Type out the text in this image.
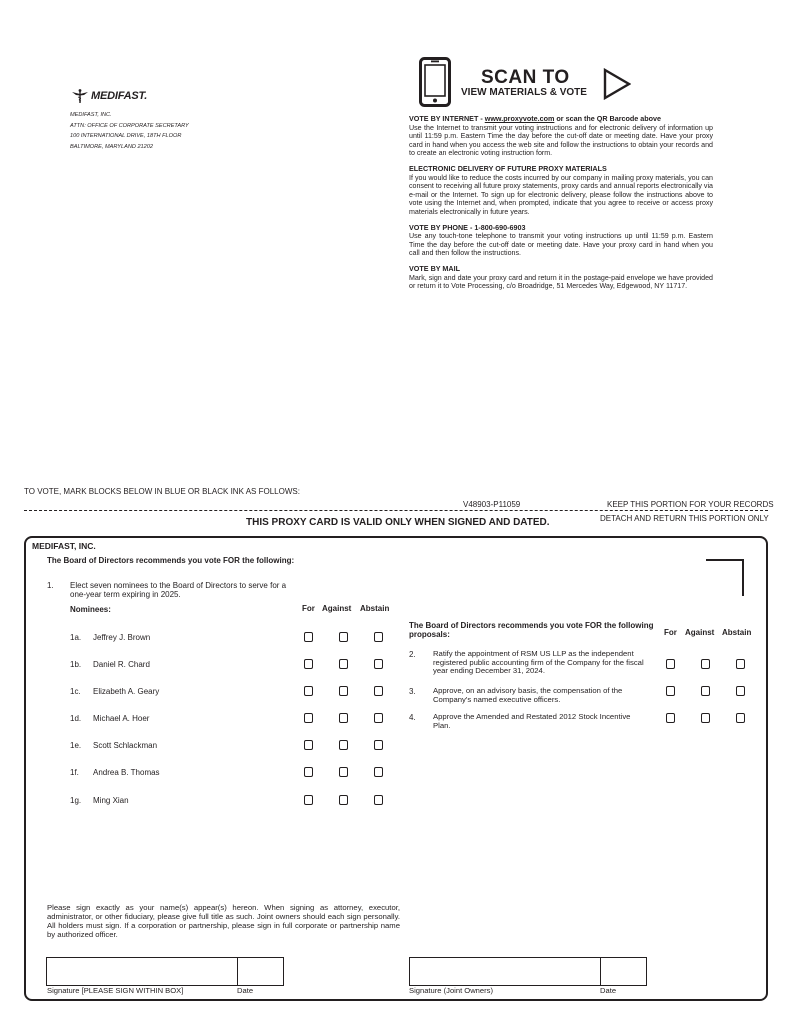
MEDIFAST.
MEDIFAST, INC.
ATTN: OFFICE OF CORPORATE SECRETARY
100 INTERNATIONAL DRIVE, 18TH FLOOR
BALTIMORE, MARYLAND 21202
SCAN TO
VIEW MATERIALS & VOTE
VOTE BY INTERNET - www.proxyvote.com or scan the QR Barcode above

Use the Internet to transmit your voting instructions and for electronic delivery of information up until 11:59 p.m. Eastern Time the day before the cut-off date or meeting date. Have your proxy card in hand when you access the web site and follow the instructions to obtain your records and to create an electronic voting instruction form.

ELECTRONIC DELIVERY OF FUTURE PROXY MATERIALS

If you would like to reduce the costs incurred by our company in mailing proxy materials, you can consent to receiving all future proxy statements, proxy cards and annual reports electronically via e-mail or the Internet. To sign up for electronic delivery, please follow the instructions above to vote using the Internet and, when prompted, indicate that you agree to receive or access proxy materials electronically in future years.

VOTE BY PHONE - 1-800-690-6903

Use any touch-tone telephone to transmit your voting instructions up until 11:59 p.m. Eastern Time the day before the cut-off date or meeting date. Have your proxy card in hand when you call and then follow the instructions.

VOTE BY MAIL

Mark, sign and date your proxy card and return it in the postage-paid envelope we have provided or return it to Vote Processing, c/o Broadridge, 51 Mercedes Way, Edgewood, NY 11717.

TO VOTE, MARK BLOCKS BELOW IN BLUE OR BLACK INK AS FOLLOWS:
V48903-P11059	KEEP THIS PORTION FOR YOUR RECORDS
DETACH AND RETURN THIS PORTION ONLY
THIS PROXY CARD IS VALID ONLY WHEN SIGNED AND DATED.
MEDIFAST, INC.
The Board of Directors recommends you vote FOR the following:
1. Elect seven nominees to the Board of Directors to serve for a one-year term expiring in 2025.
Nominees:	For Against Abstain
1a. Jeffrey J. Brown
1b. Daniel R. Chard
1c. Elizabeth A. Geary
1d. Michael A. Hoer
1e. Scott Schlackman
1f. Andrea B. Thomas
1g. Ming Xian
The Board of Directors recommends you vote FOR the following proposals:	For Against Abstain
2. Ratify the appointment of RSM US LLP as the independent registered public accounting firm of the Company for the fiscal year ending December 31, 2024.
3. Approve, on an advisory basis, the compensation of the Company's named executive officers.
4. Approve the Amended and Restated 2012 Stock Incentive Plan.
Please sign exactly as your name(s) appear(s) hereon. When signing as attorney, executor, administrator, or other fiduciary, please give full title as such. Joint owners should each sign personally. All holders must sign. If a corporation or partnership, please sign in full corporate or partnership name by authorized officer.
Signature [PLEASE SIGN WITHIN BOX]	Date	Signature (Joint Owners)	Date
